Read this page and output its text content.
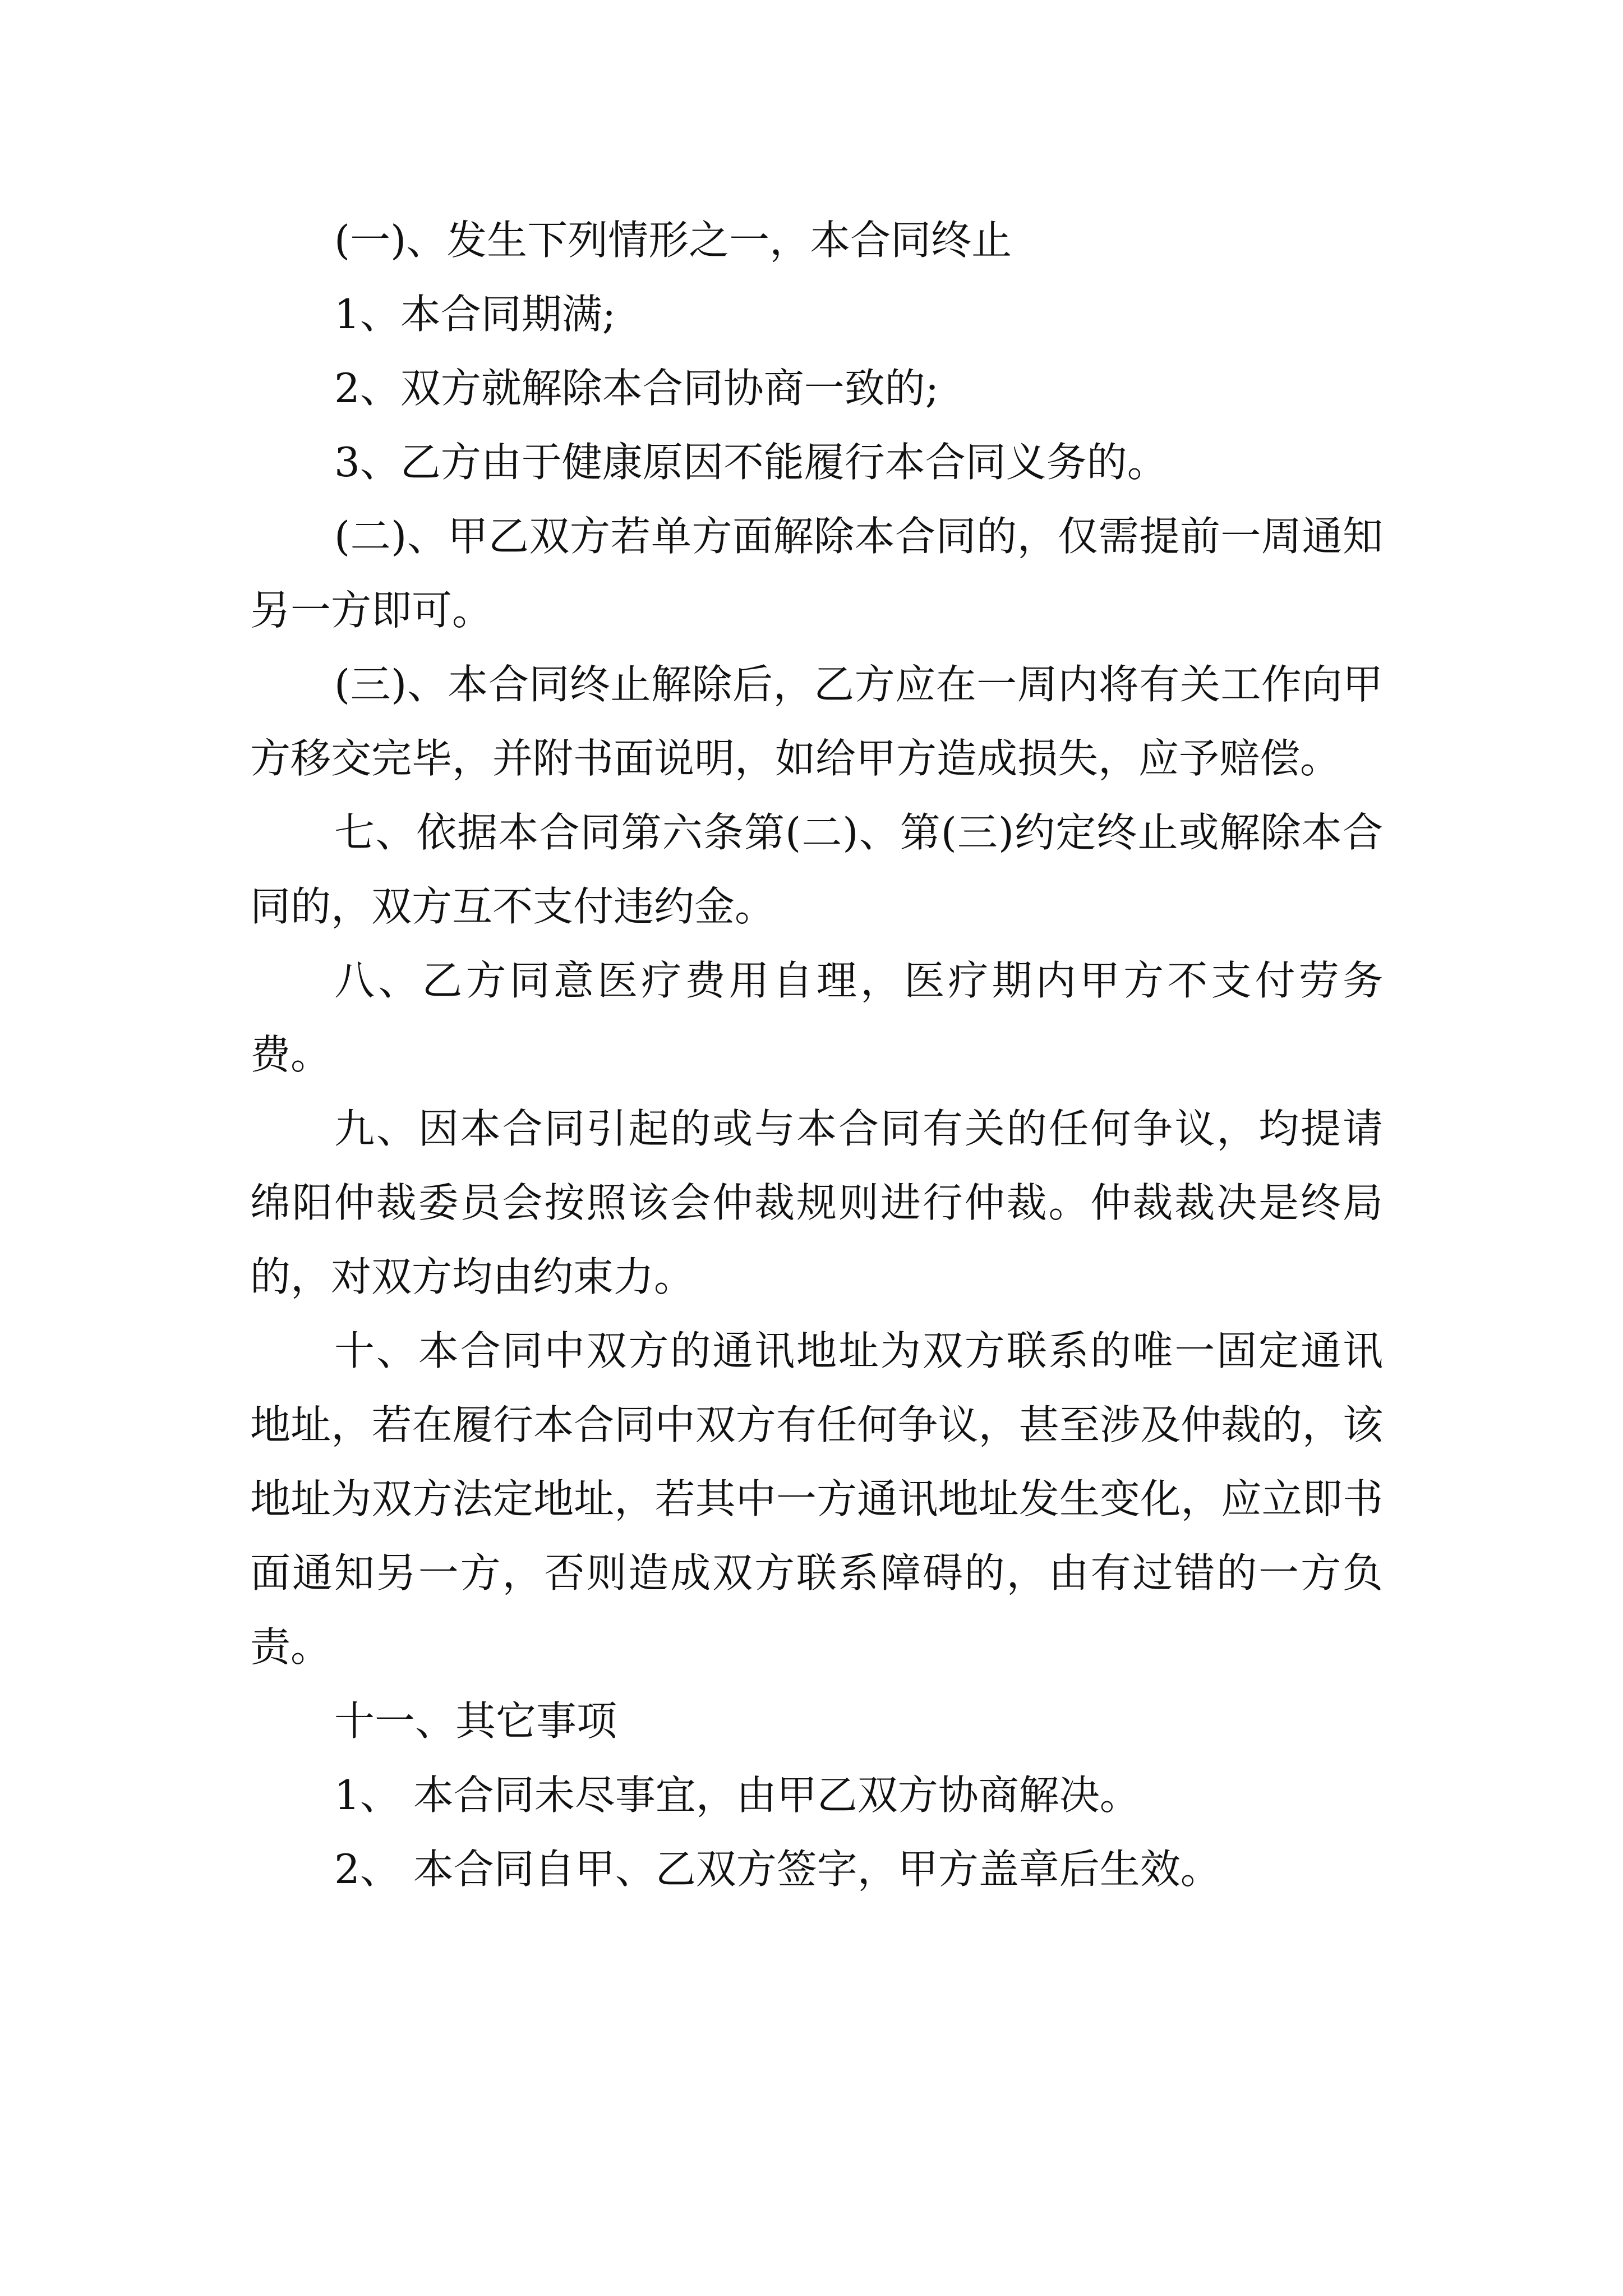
(一)、发生下列情形之一，本合同终止

1、本合同期满;

2、双方就解除本合同协商一致的;

3、乙方由于健康原因不能履行本合同义务的。

(二)、甲乙双方若单方面解除本合同的，仅需提前一周通知另一方即可。

(三)、本合同终止解除后，乙方应在一周内将有关工作向甲方移交完毕，并附书面说明，如给甲方造成损失，应予赔偿。

七、依据本合同第六条第(二)、第(三)约定终止或解除本合同的，双方互不支付违约金。

八、乙方同意医疗费用自理，医疗期内甲方不支付劳务费。

九、因本合同引起的或与本合同有关的任何争议，均提请绵阳仲裁委员会按照该会仲裁规则进行仲裁。仲裁裁决是终局的，对双方均由约束力。

十、本合同中双方的通讯地址为双方联系的唯一固定通讯地址，若在履行本合同中双方有任何争议，甚至涉及仲裁的，该地址为双方法定地址，若其中一方通讯地址发生变化，应立即书面通知另一方，否则造成双方联系障碍的，由有过错的一方负责。

十一、其它事项

1、 本合同未尽事宜，由甲乙双方协商解决。

2、 本合同自甲、乙双方签字，甲方盖章后生效。
